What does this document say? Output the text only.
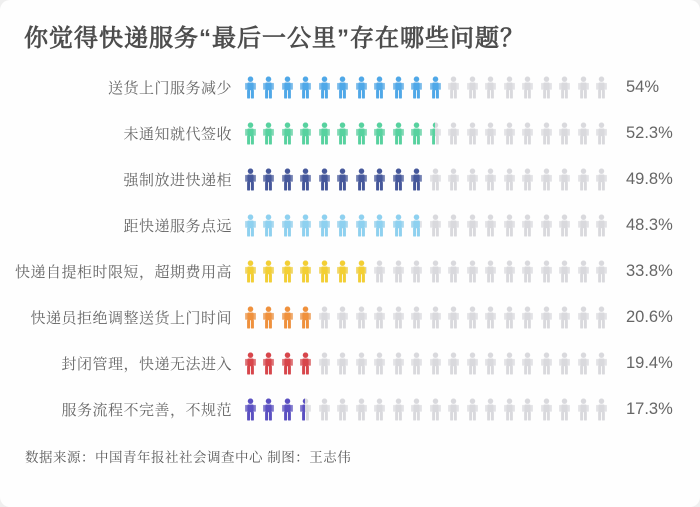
你觉得快递服务“最后一公里”存在哪些问题？
送货上门服务减少	54%
未通知就代签收	52.3%
强制放进快递柜	49.8%
距快递服务点远	48.3%
快递自提柜时限短，超期费用高	33.8%
快递员拒绝调整送货上门时间	20.6%
封闭管理，快递无法进入	19.4%
服务流程不完善，不规范	17.3%
数据来源：中国青年报社社会调查中心 制图：王志伟
